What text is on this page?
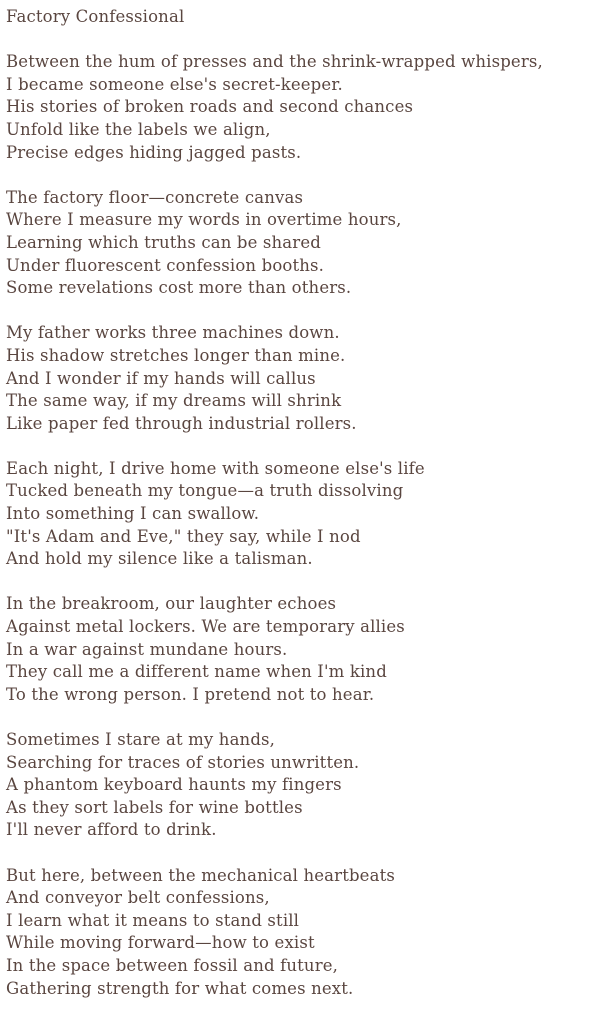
Factory Confessional
Between the hum of presses and the shrink-wrapped whispers,
I became someone else's secret-keeper.
His stories of broken roads and second chances
Unfold like the labels we align,
Precise edges hiding jagged pasts.
The factory floor—concrete canvas
Where I measure my words in overtime hours,
Learning which truths can be shared
Under fluorescent confession booths.
Some revelations cost more than others.
My father works three machines down.
His shadow stretches longer than mine.
And I wonder if my hands will callus
The same way, if my dreams will shrink
Like paper fed through industrial rollers.
Each night, I drive home with someone else's life
Tucked beneath my tongue—a truth dissolving
Into something I can swallow.
"It's Adam and Eve," they say, while I nod
And hold my silence like a talisman.
In the breakroom, our laughter echoes
Against metal lockers. We are temporary allies
In a war against mundane hours.
They call me a different name when I'm kind
To the wrong person. I pretend not to hear.
Sometimes I stare at my hands,
Searching for traces of stories unwritten.
A phantom keyboard haunts my fingers
As they sort labels for wine bottles
I'll never afford to drink.
But here, between the mechanical heartbeats
And conveyor belt confessions,
I learn what it means to stand still
While moving forward—how to exist
In the space between fossil and future,
Gathering strength for what comes next.
